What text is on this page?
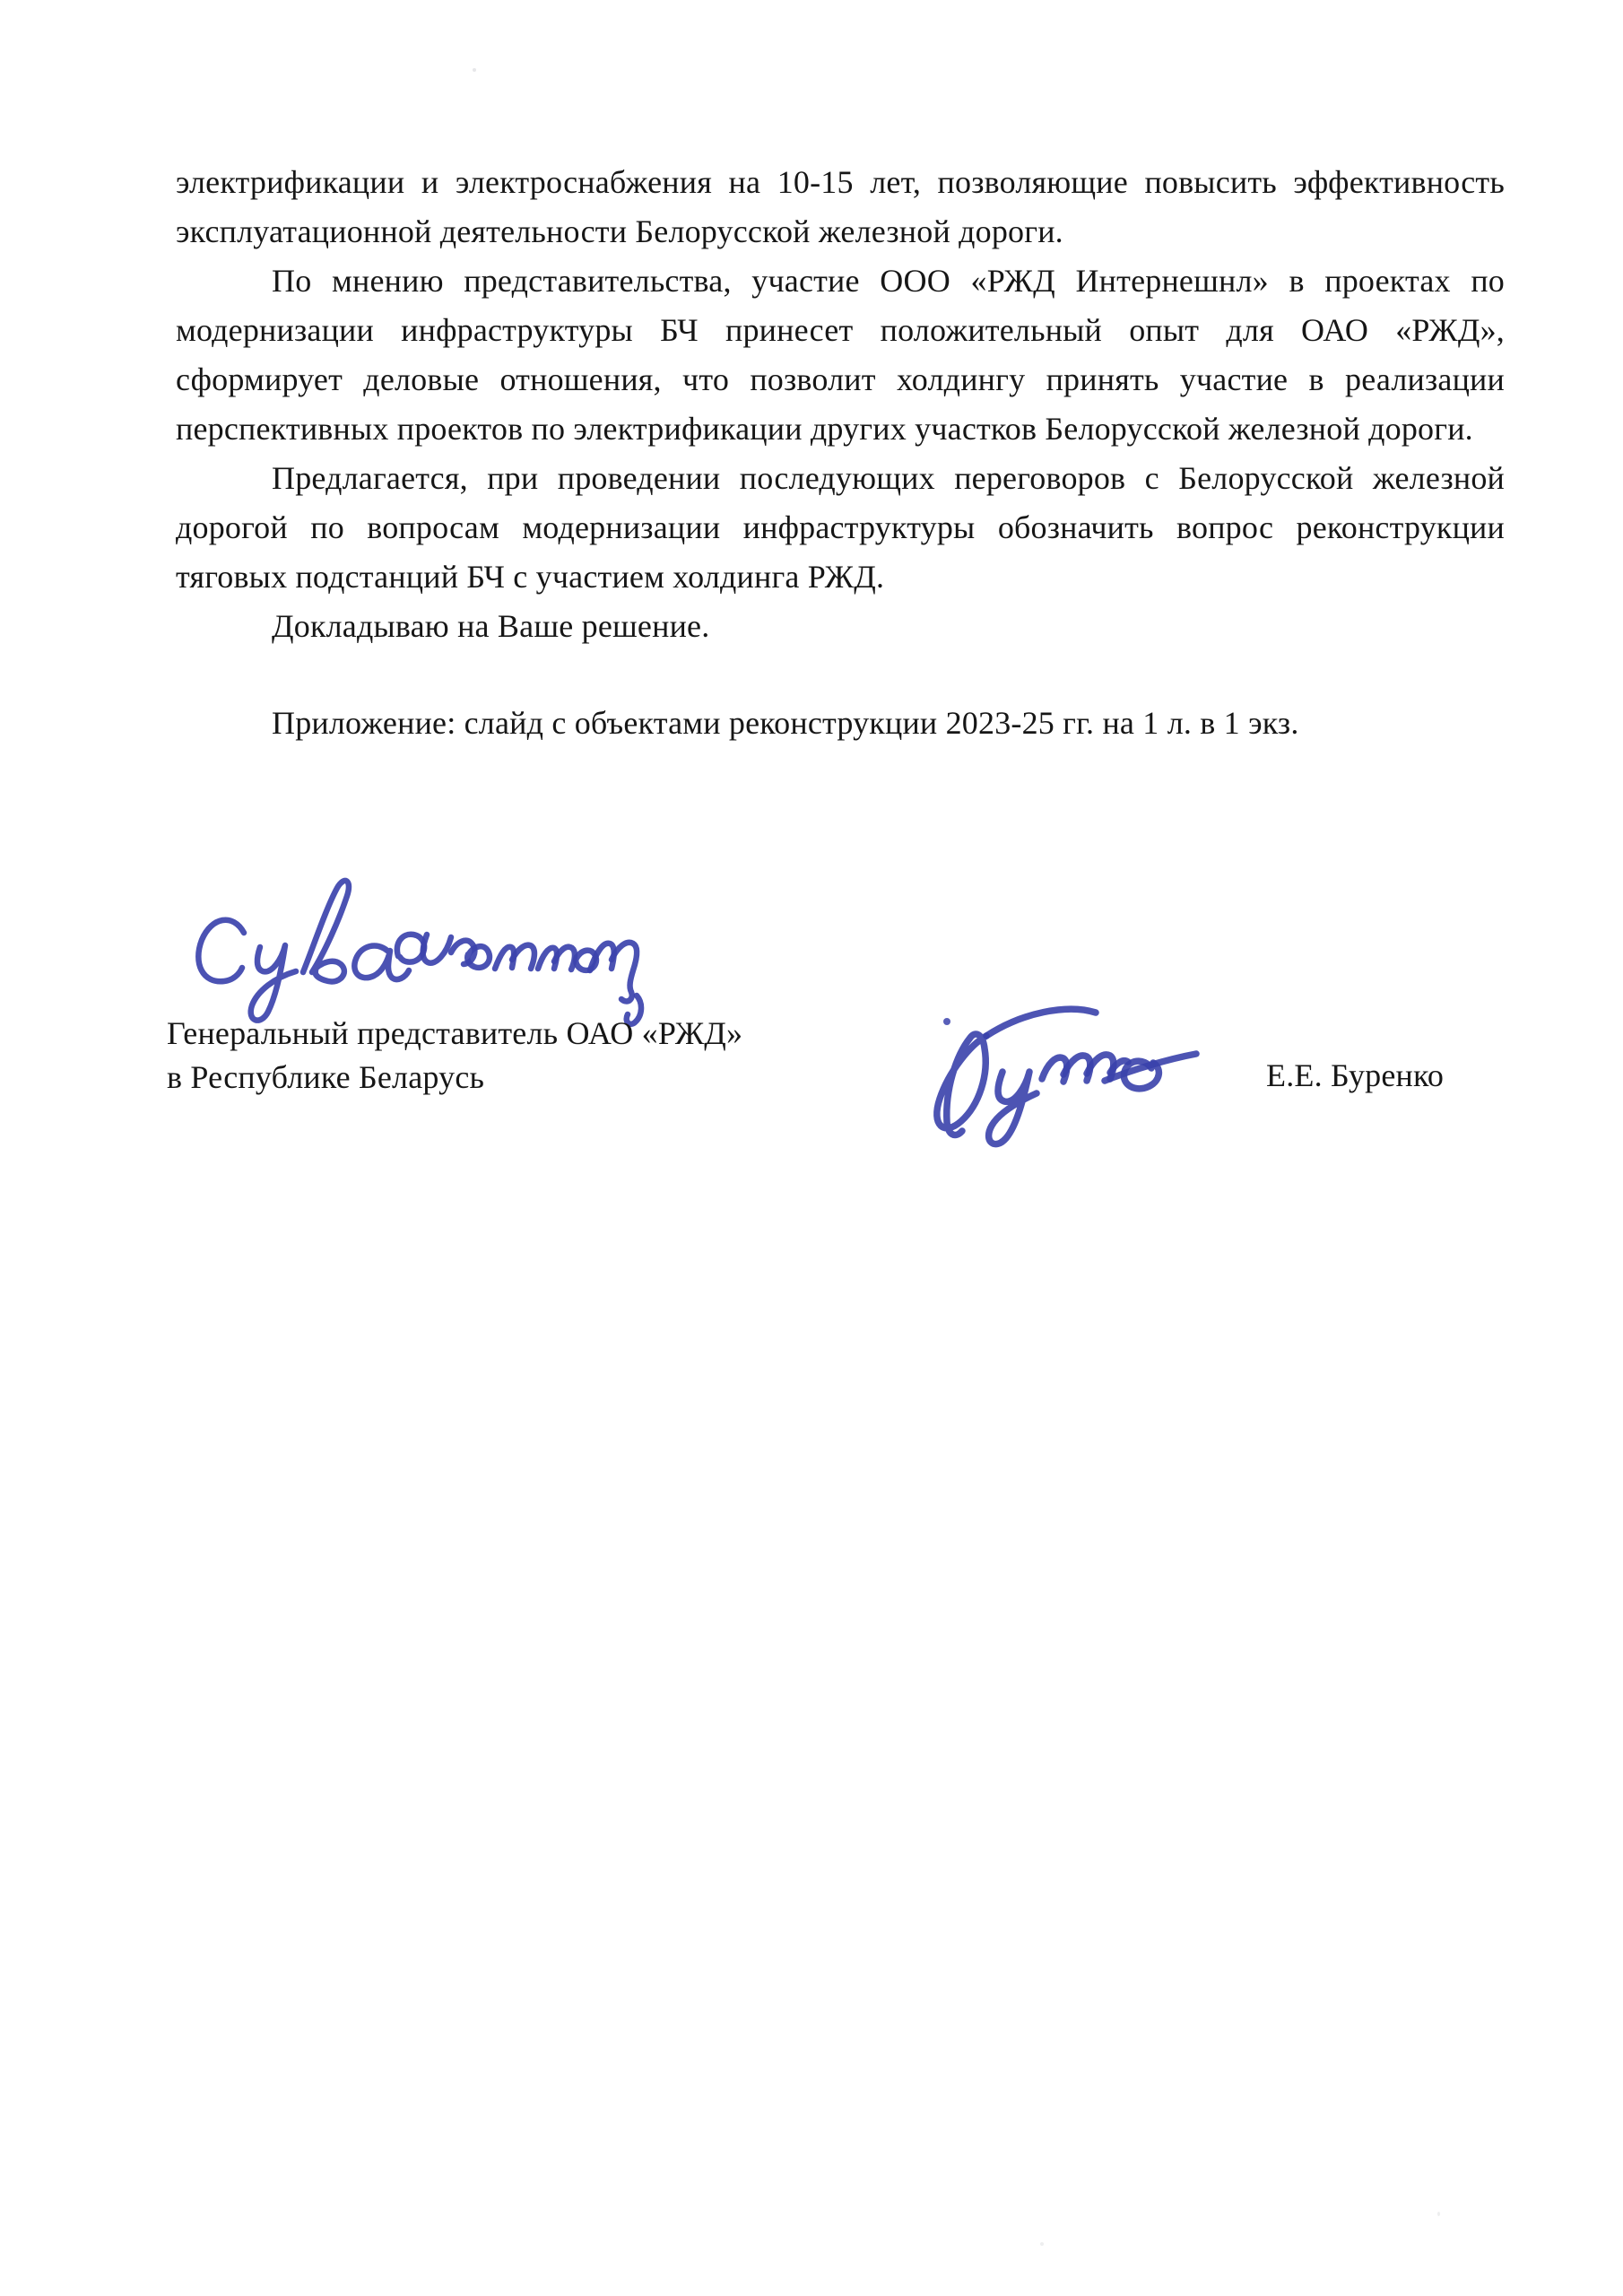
электрификации и электроснабжения на 10-15 лет, позволяющие повысить эффективность эксплуатационной деятельности Белорусской железной дороги.

По мнению представительства, участие ООО «РЖД Интернешнл» в проектах по модернизации инфраструктуры БЧ принесет положительный опыт для ОАО «РЖД», сформирует деловые отношения, что позволит холдингу принять участие в реализации перспективных проектов по электрификации других участков Белорусской железной дороги.

Предлагается, при проведении последующих переговоров с Белорусской железной дорогой по вопросам модернизации инфраструктуры обозначить вопрос реконструкции тяговых подстанций БЧ с участием холдинга РЖД.

Докладываю на Ваше решение.

Приложение: слайд с объектами реконструкции 2023-25 гг. на 1 л. в 1 экз.

Генеральный представитель ОАО «РЖД»
в Республике Беларусь	Е.Е. Буренко
